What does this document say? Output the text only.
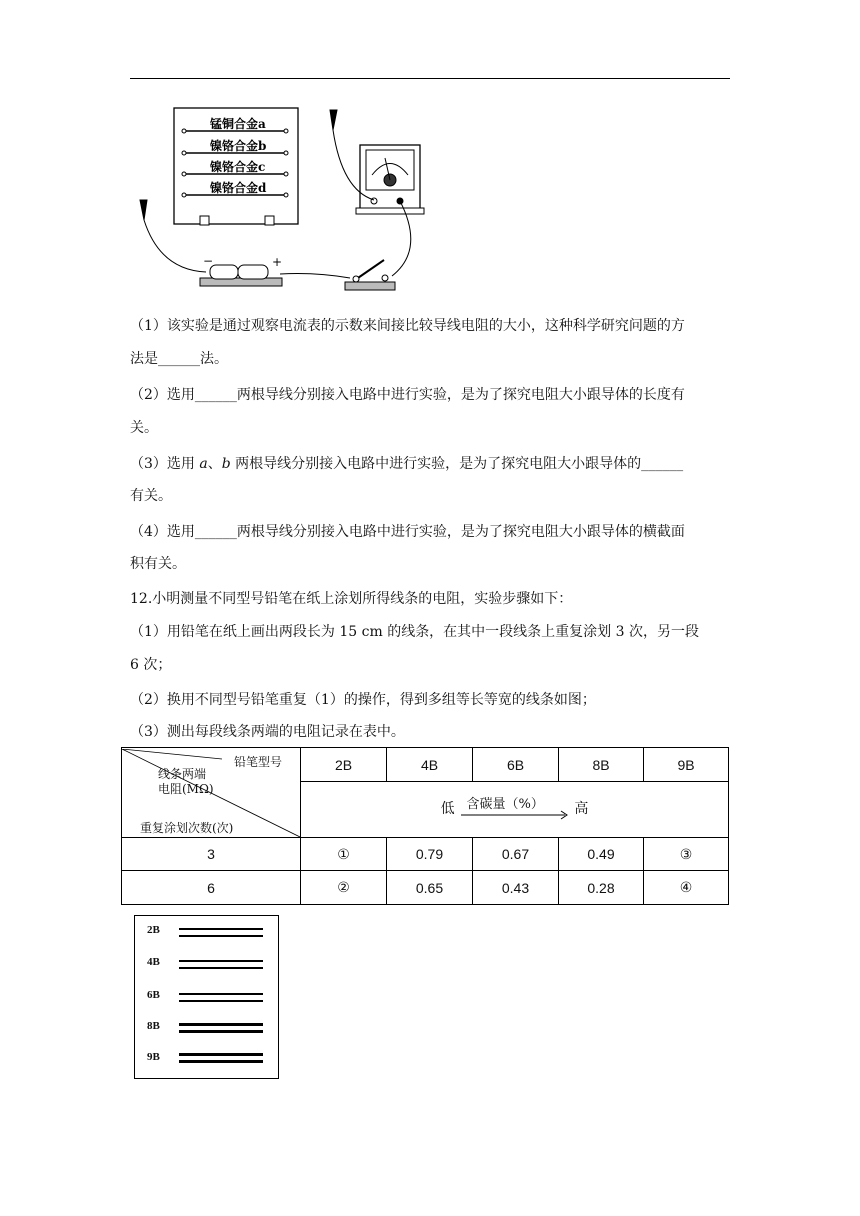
锰铜合金a
镍铬合金b
镍铬合金c
镍铬合金d
−	+
（1）该实验是通过观察电流表的示数来间接比较导线电阻的大小，这种科学研究问题的方
法是______法。
（2）选用______两根导线分别接入电路中进行实验，是为了探究电阻大小跟导体的长度有
关。
（3）选用 a、b 两根导线分别接入电路中进行实验，是为了探究电阻大小跟导体的______
有关。
（4）选用______两根导线分别接入电路中进行实验，是为了探究电阻大小跟导体的横截面
积有关。
12.小明测量不同型号铅笔在纸上涂划所得线条的电阻，实验步骤如下：
（1）用铅笔在纸上画出两段长为 15 cm 的线条，在其中一段线条上重复涂划 3 次，另一段
6 次；
（2）换用不同型号铅笔重复（1）的操作，得到多组等长等宽的线条如图；
（3）测出每段线条两端的电阻记录在表中。
铅笔型号
线条两端
电阻(MΩ)
重复涂划次数(次)	2B	4B	6B	8B	9B
	低 含碳量（%） 高				
3	①	0.79	0.67	0.49	③
6	②	0.65	0.43	0.28	④
2B
4B
6B
8B
9B
